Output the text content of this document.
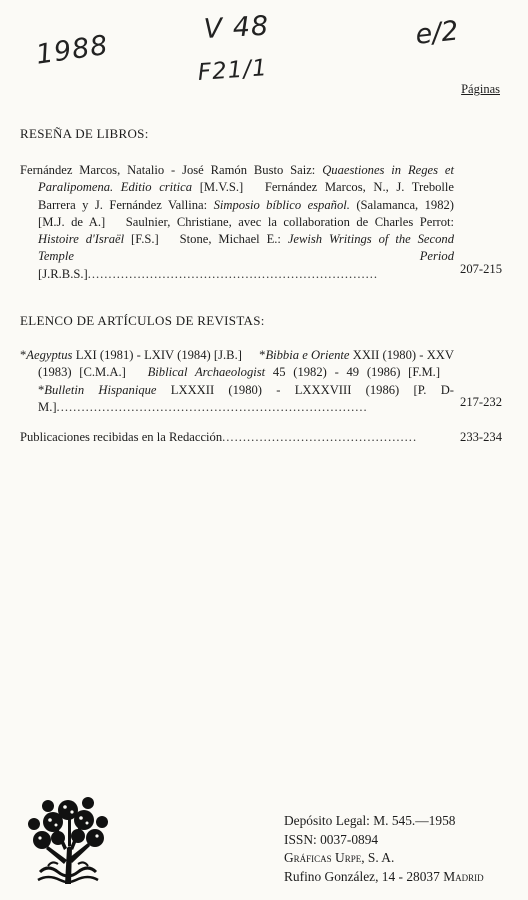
1988
V 48
F21/1
e/2
Páginas
RESEÑA DE LIBROS:
Fernández Marcos, Natalio - José Ramón Busto Saiz: Quaestiones in Reges et Paralipomena. Editio critica [M.V.S.] Fernández Marcos, N., J. Trebolle Barrera y J. Fernández Vallina: Simposio bíblico español. (Salamanca, 1982) [M.J. de A.] Saulnier, Christiane, avec la collaboration de Charles Perrot: Histoire d'Israël [F.S.] Stone, Michael E.: Jewish Writings of the Second Temple Period [J.R.B.S.]......................................................................	207-215
ELENCO DE ARTÍCULOS DE REVISTAS:
*Aegyptus LXI (1981) - LXIV (1984) [J.B.] *Bibbia e Oriente XXII (1980) - XXV (1983) [C.M.A.] Biblical Archaeologist 45 (1982) - 49 (1986) [F.M.] *Bulletin Hispanique LXXXII (1980) - LXXXVIII (1986) [P. D-M.]...........................................................................	217-232
Publicaciones recibidas en la Redacción...............................................	233-234
Depósito Legal: M. 545.—1958
ISSN: 0037-0894
Gráficas Urpe, S. A.
Rufino González, 14 - 28037 Madrid
